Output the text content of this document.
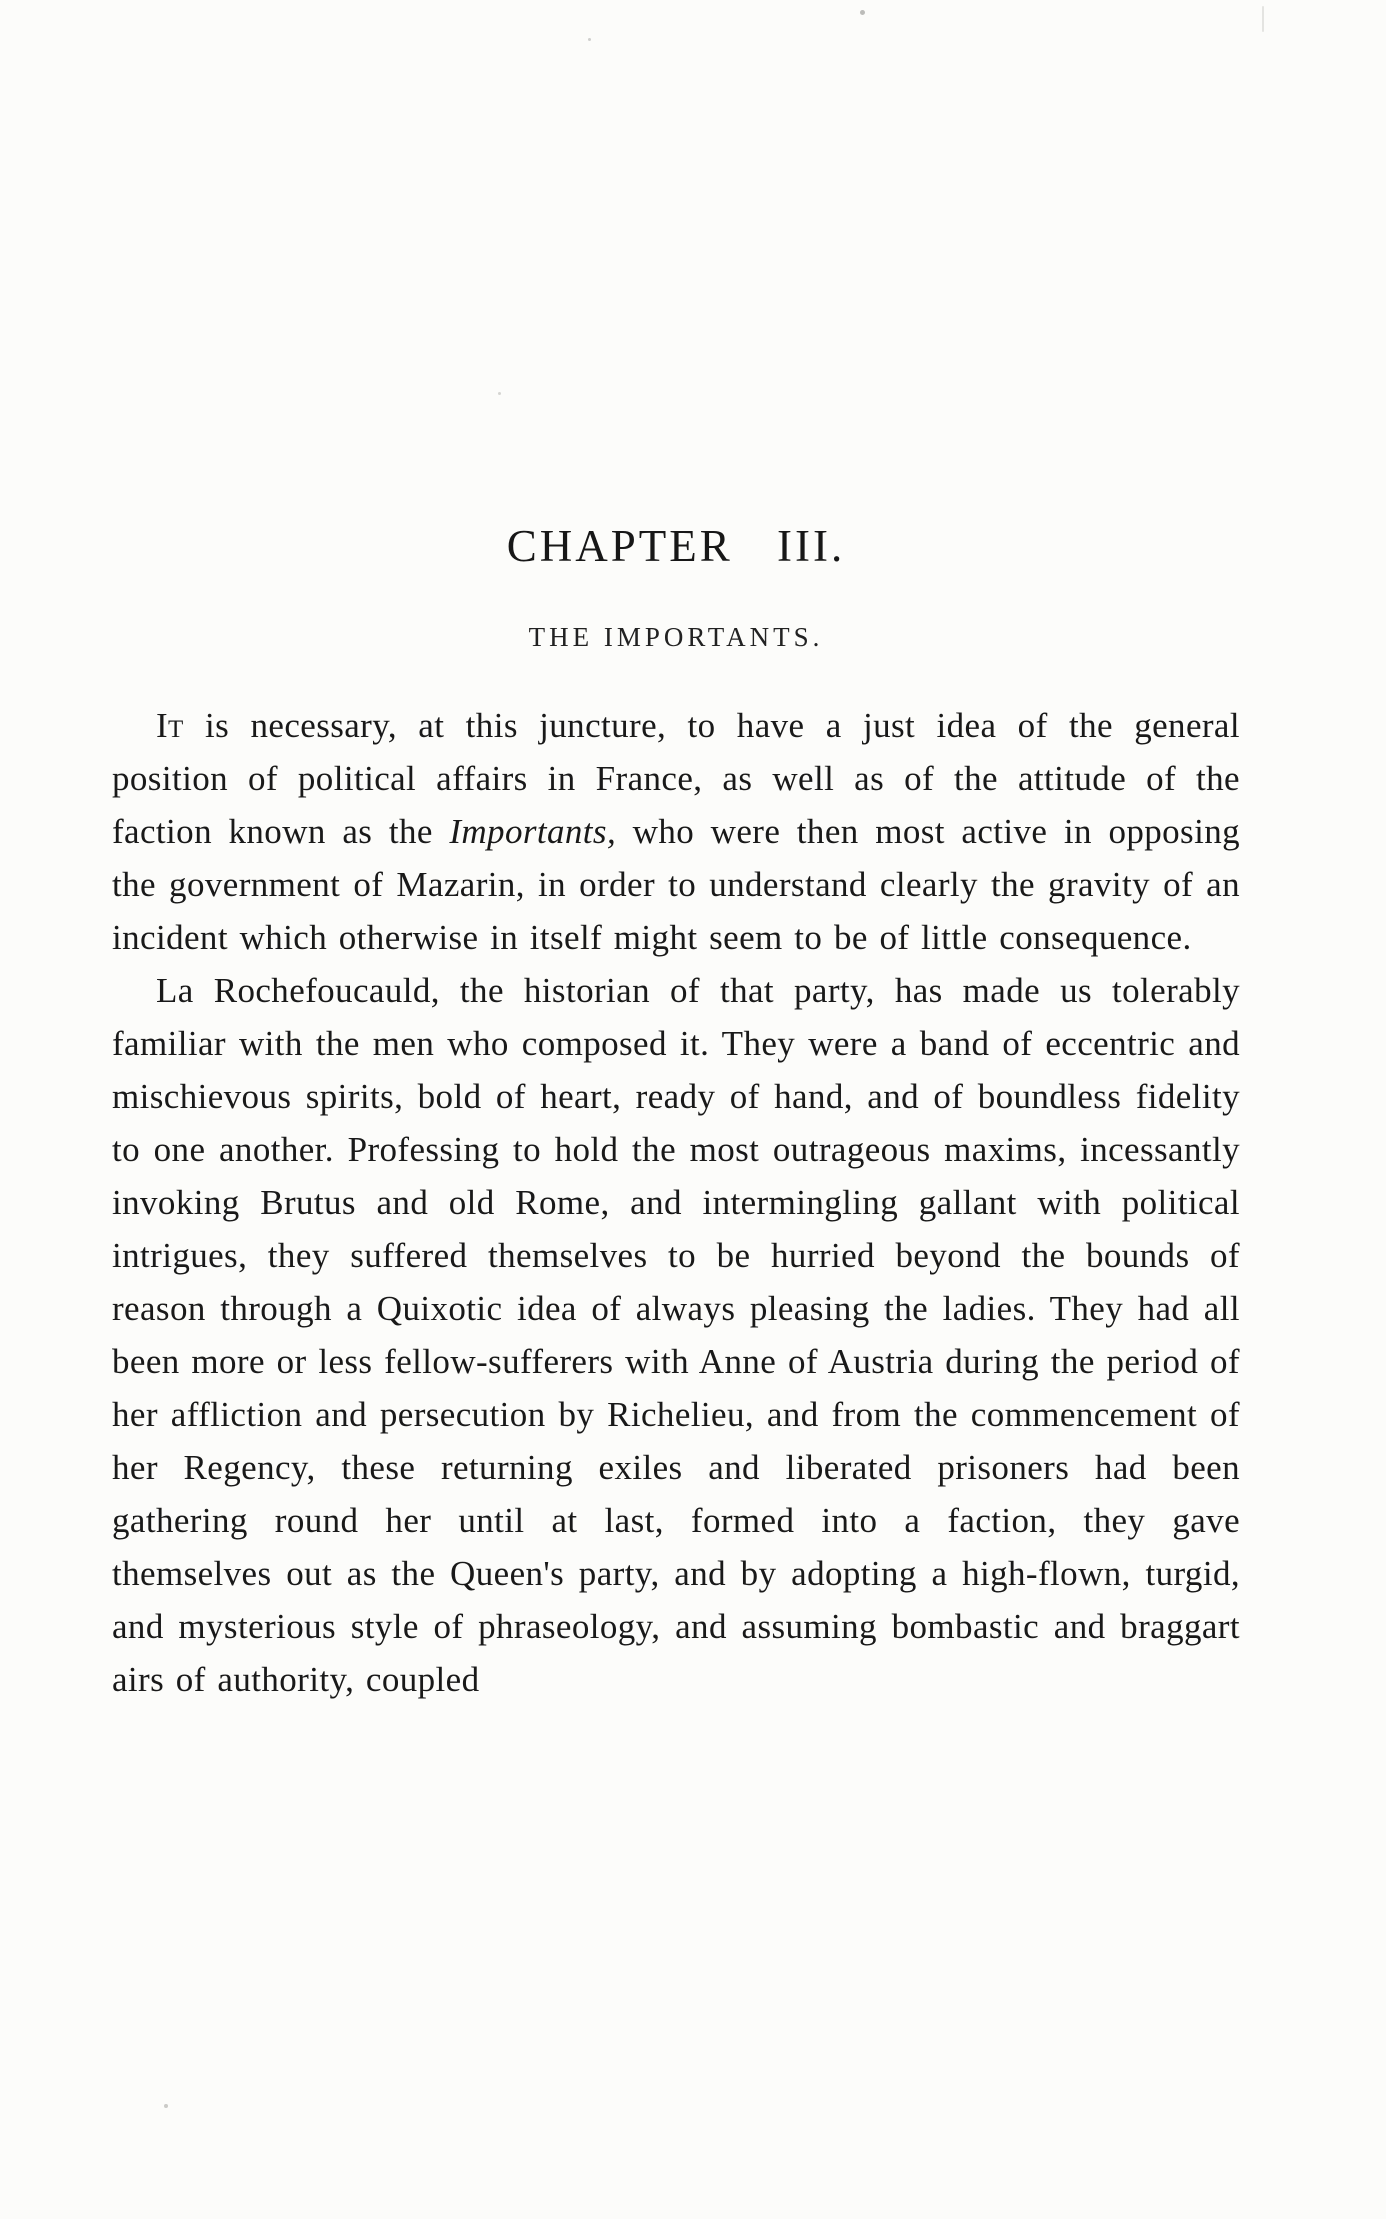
CHAPTER III.
THE IMPORTANTS.

It is necessary, at this juncture, to have a just idea of the general position of political affairs in France, as well as of the attitude of the faction known as the Importants, who were then most active in opposing the government of Mazarin, in order to understand clearly the gravity of an incident which otherwise in itself might seem to be of little consequence.

La Rochefoucauld, the historian of that party, has made us tolerably familiar with the men who composed it. They were a band of eccentric and mischievous spirits, bold of heart, ready of hand, and of boundless fidelity to one another. Professing to hold the most outrageous maxims, incessantly invoking Brutus and old Rome, and intermingling gallant with political intrigues, they suffered themselves to be hurried beyond the bounds of reason through a Quixotic idea of always pleasing the ladies. They had all been more or less fellow-sufferers with Anne of Austria during the period of her affliction and persecution by Richelieu, and from the commencement of her Regency, these returning exiles and liberated prisoners had been gathering round her until at last, formed into a faction, they gave themselves out as the Queen's party, and by adopting a high-flown, turgid, and mysterious style of phraseology, and assuming bombastic and braggart airs of authority, coupled
